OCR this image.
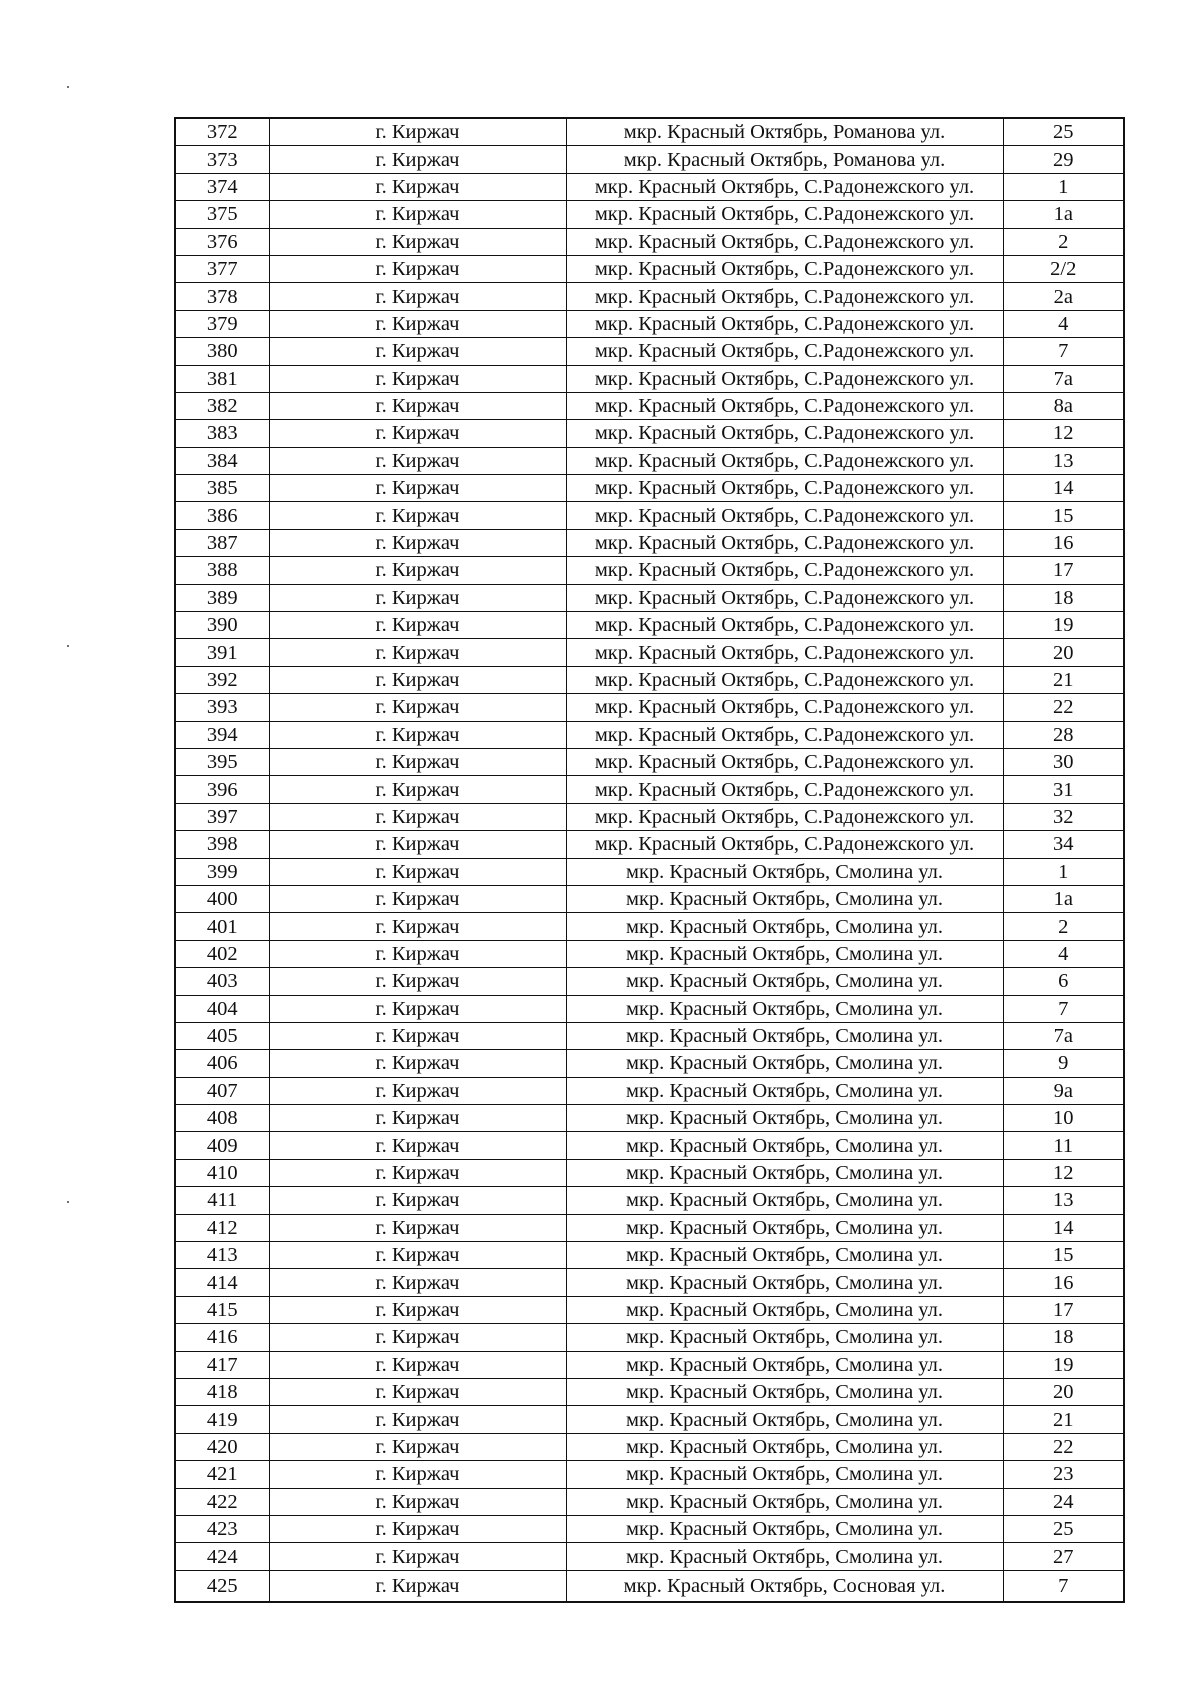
372	г. Киржач	мкр. Красный Октябрь, Романова ул.	25
373	г. Киржач	мкр. Красный Октябрь, Романова ул.	29
374	г. Киржач	мкр. Красный Октябрь, С.Радонежского ул.	1
375	г. Киржач	мкр. Красный Октябрь, С.Радонежского ул.	1а
376	г. Киржач	мкр. Красный Октябрь, С.Радонежского ул.	2
377	г. Киржач	мкр. Красный Октябрь, С.Радонежского ул.	2/2
378	г. Киржач	мкр. Красный Октябрь, С.Радонежского ул.	2а
379	г. Киржач	мкр. Красный Октябрь, С.Радонежского ул.	4
380	г. Киржач	мкр. Красный Октябрь, С.Радонежского ул.	7
381	г. Киржач	мкр. Красный Октябрь, С.Радонежского ул.	7а
382	г. Киржач	мкр. Красный Октябрь, С.Радонежского ул.	8а
383	г. Киржач	мкр. Красный Октябрь, С.Радонежского ул.	12
384	г. Киржач	мкр. Красный Октябрь, С.Радонежского ул.	13
385	г. Киржач	мкр. Красный Октябрь, С.Радонежского ул.	14
386	г. Киржач	мкр. Красный Октябрь, С.Радонежского ул.	15
387	г. Киржач	мкр. Красный Октябрь, С.Радонежского ул.	16
388	г. Киржач	мкр. Красный Октябрь, С.Радонежского ул.	17
389	г. Киржач	мкр. Красный Октябрь, С.Радонежского ул.	18
390	г. Киржач	мкр. Красный Октябрь, С.Радонежского ул.	19
391	г. Киржач	мкр. Красный Октябрь, С.Радонежского ул.	20
392	г. Киржач	мкр. Красный Октябрь, С.Радонежского ул.	21
393	г. Киржач	мкр. Красный Октябрь, С.Радонежского ул.	22
394	г. Киржач	мкр. Красный Октябрь, С.Радонежского ул.	28
395	г. Киржач	мкр. Красный Октябрь, С.Радонежского ул.	30
396	г. Киржач	мкр. Красный Октябрь, С.Радонежского ул.	31
397	г. Киржач	мкр. Красный Октябрь, С.Радонежского ул.	32
398	г. Киржач	мкр. Красный Октябрь, С.Радонежского ул.	34
399	г. Киржач	мкр. Красный Октябрь, Смолина ул.	1
400	г. Киржач	мкр. Красный Октябрь, Смолина ул.	1а
401	г. Киржач	мкр. Красный Октябрь, Смолина ул.	2
402	г. Киржач	мкр. Красный Октябрь, Смолина ул.	4
403	г. Киржач	мкр. Красный Октябрь, Смолина ул.	6
404	г. Киржач	мкр. Красный Октябрь, Смолина ул.	7
405	г. Киржач	мкр. Красный Октябрь, Смолина ул.	7а
406	г. Киржач	мкр. Красный Октябрь, Смолина ул.	9
407	г. Киржач	мкр. Красный Октябрь, Смолина ул.	9а
408	г. Киржач	мкр. Красный Октябрь, Смолина ул.	10
409	г. Киржач	мкр. Красный Октябрь, Смолина ул.	11
410	г. Киржач	мкр. Красный Октябрь, Смолина ул.	12
411	г. Киржач	мкр. Красный Октябрь, Смолина ул.	13
412	г. Киржач	мкр. Красный Октябрь, Смолина ул.	14
413	г. Киржач	мкр. Красный Октябрь, Смолина ул.	15
414	г. Киржач	мкр. Красный Октябрь, Смолина ул.	16
415	г. Киржач	мкр. Красный Октябрь, Смолина ул.	17
416	г. Киржач	мкр. Красный Октябрь, Смолина ул.	18
417	г. Киржач	мкр. Красный Октябрь, Смолина ул.	19
418	г. Киржач	мкр. Красный Октябрь, Смолина ул.	20
419	г. Киржач	мкр. Красный Октябрь, Смолина ул.	21
420	г. Киржач	мкр. Красный Октябрь, Смолина ул.	22
421	г. Киржач	мкр. Красный Октябрь, Смолина ул.	23
422	г. Киржач	мкр. Красный Октябрь, Смолина ул.	24
423	г. Киржач	мкр. Красный Октябрь, Смолина ул.	25
424	г. Киржач	мкр. Красный Октябрь, Смолина ул.	27
425	г. Киржач	мкр. Красный Октябрь, Сосновая ул.	7
